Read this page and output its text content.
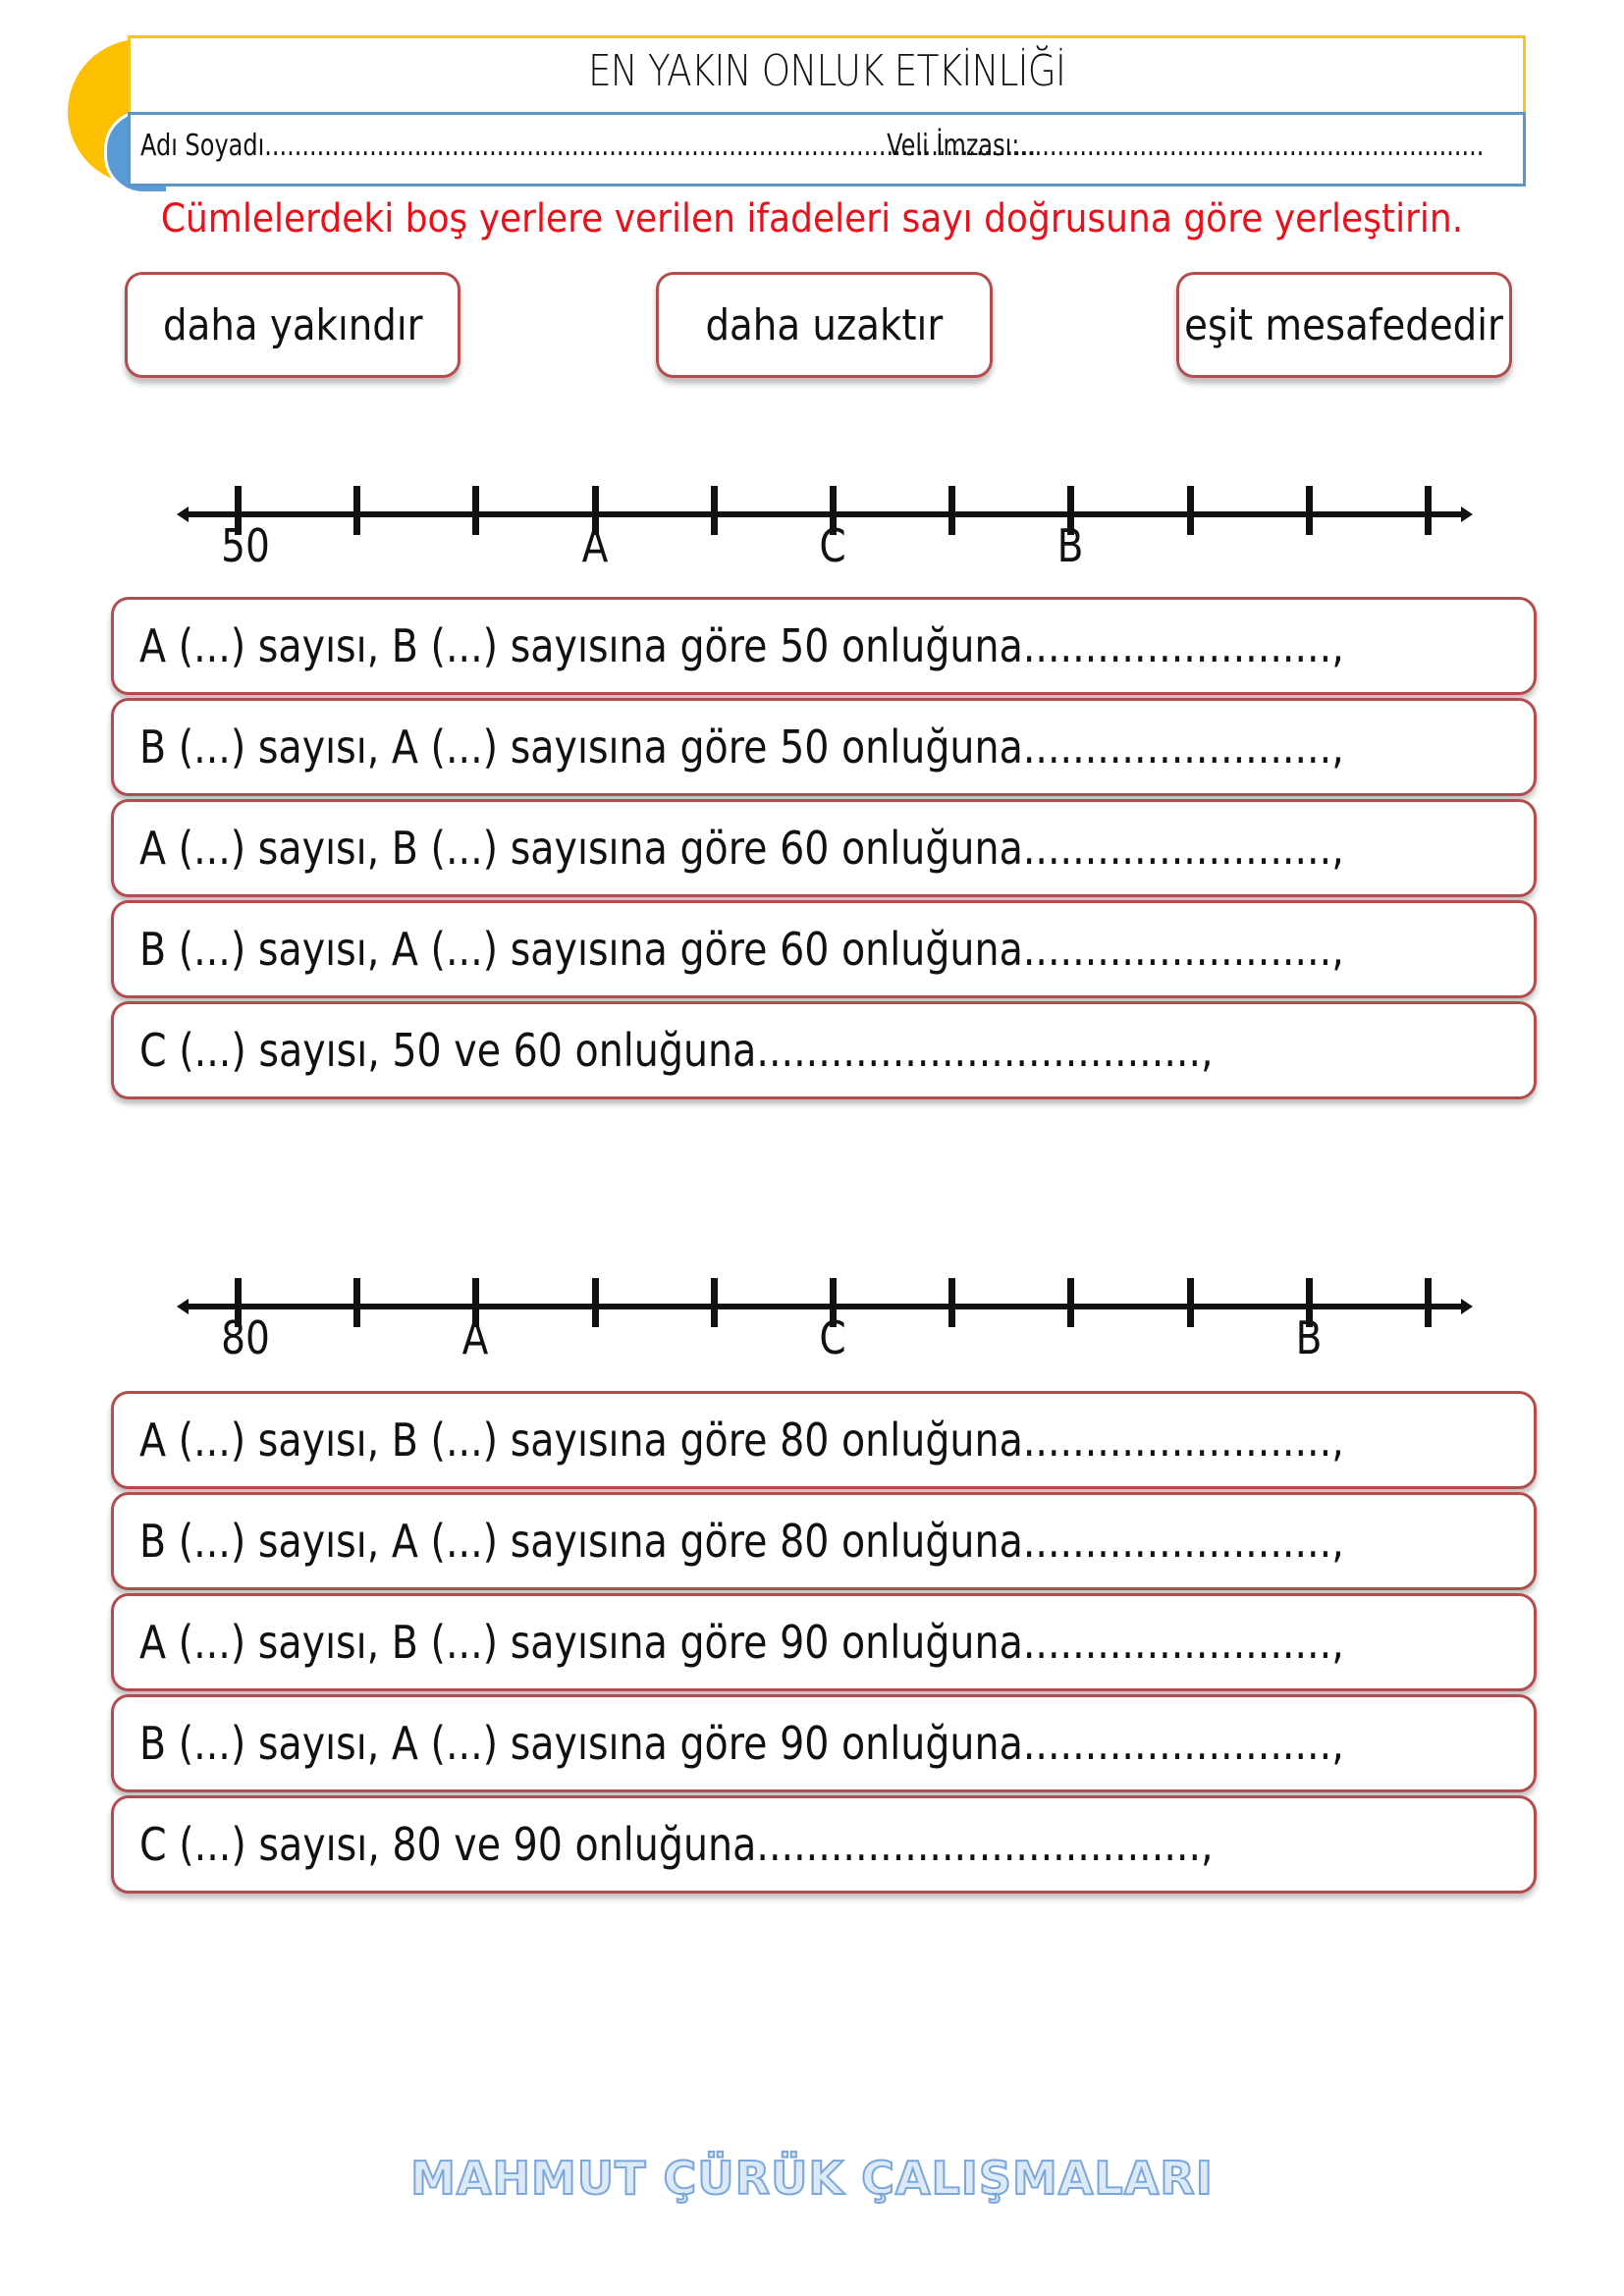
EN YAKIN ONLUK ETKİNLİĞİ
Adı Soyadı.......................................................................................................
Veli İmzası:..............................................................
Cümlelerdeki boş yerlere verilen ifadeleri sayı doğrusuna göre yerleştirin.
daha yakındır	daha uzaktır	eşit mesafededir
50	A	C	B
A (...) sayısı, B (...) sayısına göre 50 onluğuna.........................,
B (...) sayısı, A (...) sayısına göre 50 onluğuna.........................,
A (...) sayısı, B (...) sayısına göre 60 onluğuna.........................,
B (...) sayısı, A (...) sayısına göre 60 onluğuna.........................,
C (...) sayısı, 50 ve 60 onluğuna....................................,
80	A	C	B
A (...) sayısı, B (...) sayısına göre 80 onluğuna.........................,
B (...) sayısı, A (...) sayısına göre 80 onluğuna.........................,
A (...) sayısı, B (...) sayısına göre 90 onluğuna.........................,
B (...) sayısı, A (...) sayısına göre 90 onluğuna.........................,
C (...) sayısı, 80 ve 90 onluğuna....................................,
MAHMUT ÇÜRÜK ÇALIŞMALARI
